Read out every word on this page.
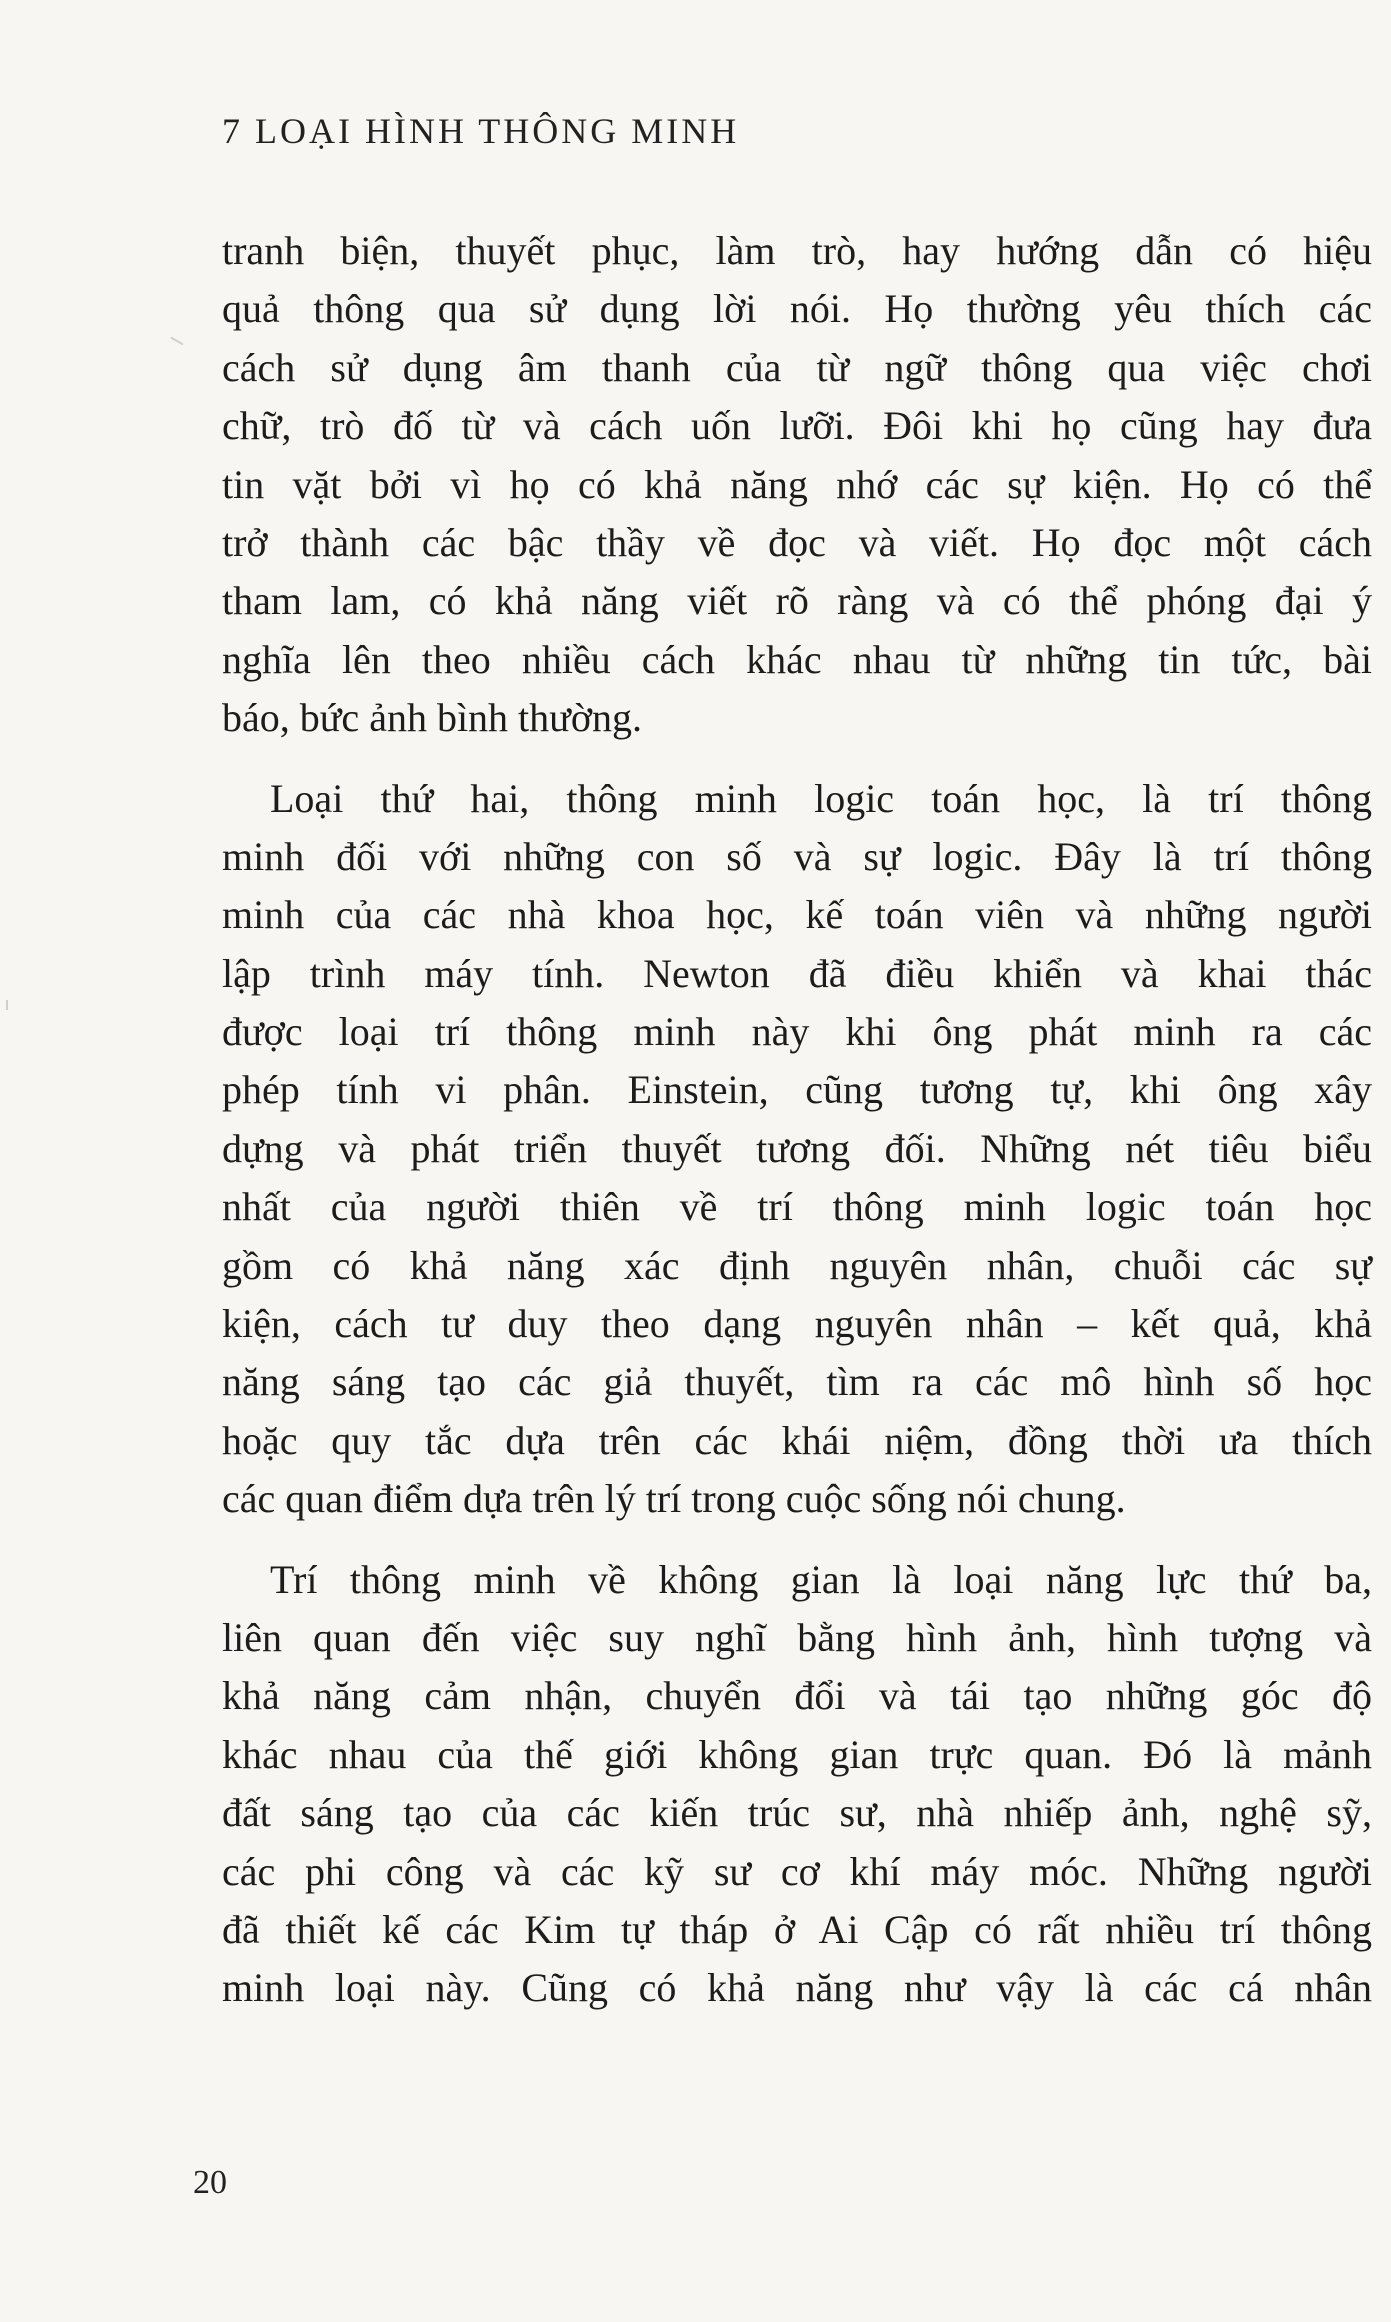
7 LOẠI HÌNH THÔNG MINH
tranh biện, thuyết phục, làm trò, hay hướng dẫn có hiệu
quả thông qua sử dụng lời nói. Họ thường yêu thích các
cách sử dụng âm thanh của từ ngữ thông qua việc chơi
chữ, trò đố từ và cách uốn lưỡi. Đôi khi họ cũng hay đưa
tin vặt bởi vì họ có khả năng nhớ các sự kiện. Họ có thể
trở thành các bậc thầy về đọc và viết. Họ đọc một cách
tham lam, có khả năng viết rõ ràng và có thể phóng đại ý
nghĩa lên theo nhiều cách khác nhau từ những tin tức, bài
báo, bức ảnh bình thường.
Loại thứ hai, thông minh logic toán học, là trí thông
minh đối với những con số và sự logic. Đây là trí thông
minh của các nhà khoa học, kế toán viên và những người
lập trình máy tính. Newton đã điều khiển và khai thác
được loại trí thông minh này khi ông phát minh ra các
phép tính vi phân. Einstein, cũng tương tự, khi ông xây
dựng và phát triển thuyết tương đối. Những nét tiêu biểu
nhất của người thiên về trí thông minh logic toán học
gồm có khả năng xác định nguyên nhân, chuỗi các sự
kiện, cách tư duy theo dạng nguyên nhân – kết quả, khả
năng sáng tạo các giả thuyết, tìm ra các mô hình số học
hoặc quy tắc dựa trên các khái niệm, đồng thời ưa thích
các quan điểm dựa trên lý trí trong cuộc sống nói chung.
Trí thông minh về không gian là loại năng lực thứ ba,
liên quan đến việc suy nghĩ bằng hình ảnh, hình tượng và
khả năng cảm nhận, chuyển đổi và tái tạo những góc độ
khác nhau của thế giới không gian trực quan. Đó là mảnh
đất sáng tạo của các kiến trúc sư, nhà nhiếp ảnh, nghệ sỹ,
các phi công và các kỹ sư cơ khí máy móc. Những người
đã thiết kế các Kim tự tháp ở Ai Cập có rất nhiều trí thông
minh loại này. Cũng có khả năng như vậy là các cá nhân
20
